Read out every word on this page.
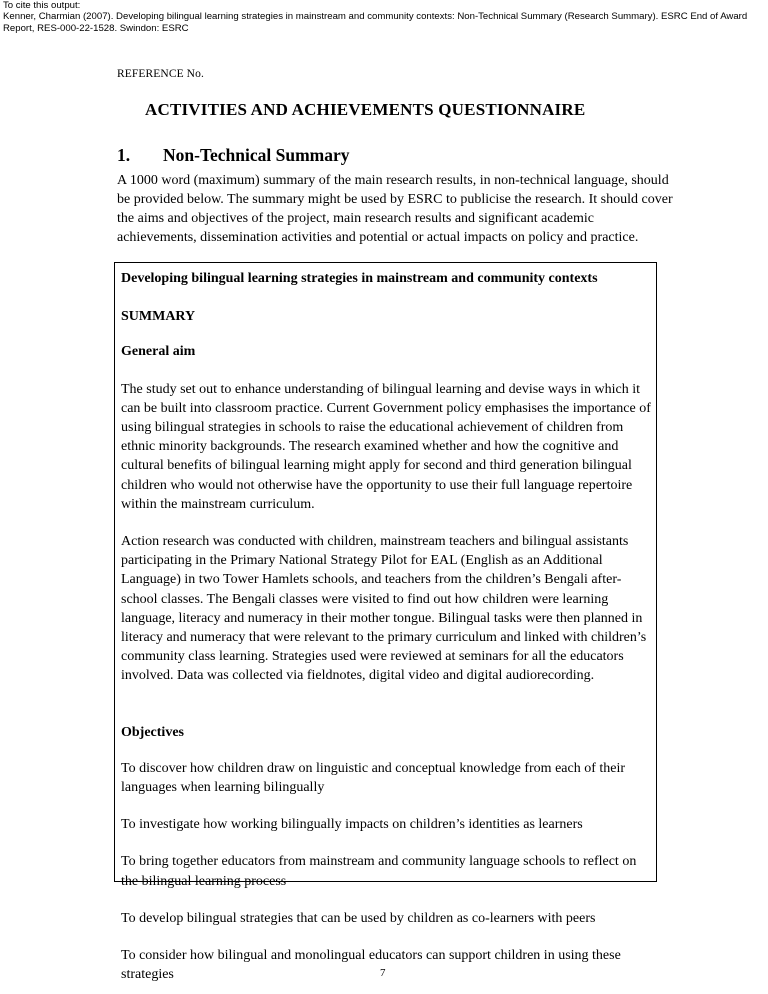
To cite this output:
Kenner, Charmian (2007). Developing bilingual learning strategies in mainstream and community contexts: Non-Technical Summary (Research Summary). ESRC End of Award Report, RES-000-22-1528. Swindon: ESRC
REFERENCE No.
ACTIVITIES AND ACHIEVEMENTS QUESTIONNAIRE
1. Non-Technical Summary

A 1000 word (maximum) summary of the main research results, in non-technical language, should be provided below. The summary might be used by ESRC to publicise the research. It should cover the aims and objectives of the project, main research results and significant academic achievements, dissemination activities and potential or actual impacts on policy and practice.

Developing bilingual learning strategies in mainstream and community contexts

SUMMARY

General aim

The study set out to enhance understanding of bilingual learning and devise ways in which it can be built into classroom practice. Current Government policy emphasises the importance of using bilingual strategies in schools to raise the educational achievement of children from ethnic minority backgrounds. The research examined whether and how the cognitive and cultural benefits of bilingual learning might apply for second and third generation bilingual children who would not otherwise have the opportunity to use their full language repertoire within the mainstream curriculum.

Action research was conducted with children, mainstream teachers and bilingual assistants participating in the Primary National Strategy Pilot for EAL (English as an Additional Language) in two Tower Hamlets schools, and teachers from the children’s Bengali after-school classes. The Bengali classes were visited to find out how children were learning language, literacy and numeracy in their mother tongue. Bilingual tasks were then planned in literacy and numeracy that were relevant to the primary curriculum and linked with children’s community class learning. Strategies used were reviewed at seminars for all the educators involved. Data was collected via fieldnotes, digital video and digital audiorecording.

Objectives

To discover how children draw on linguistic and conceptual knowledge from each of their languages when learning bilingually

To investigate how working bilingually impacts on children’s identities as learners

To bring together educators from mainstream and community language schools to reflect on the bilingual learning process

To develop bilingual strategies that can be used by children as co-learners with peers

To consider how bilingual and monolingual educators can support children in using these strategies	7
